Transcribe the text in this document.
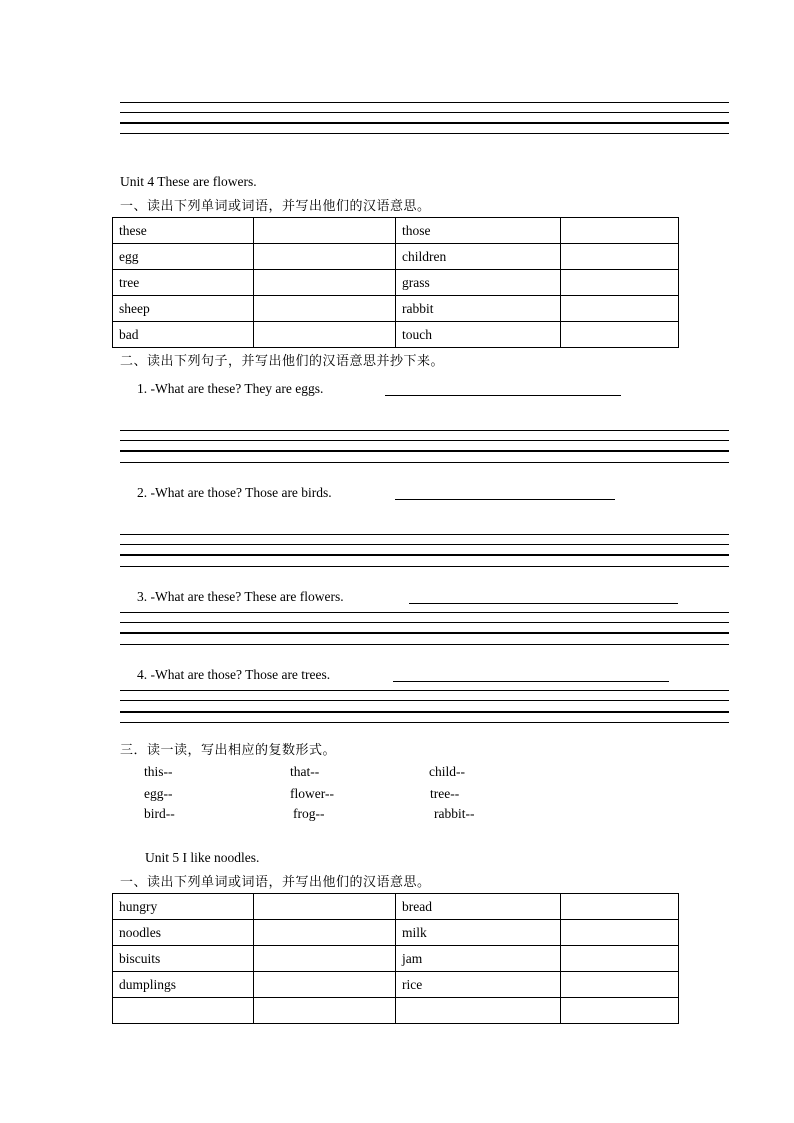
Unit 4 These are flowers.
一、读出下列单词或词语，并写出他们的汉语意思。
these		those	
egg		children	
tree		grass	
sheep		rabbit	
bad		touch	
二、读出下列句子，并写出他们的汉语意思并抄下来。
1. -What are these? They are eggs.
2. -What are those? Those are birds.
3. -What are these? These are flowers.
4. -What are those? Those are trees.
三．读一读，写出相应的复数形式。
this--	that--	child--
egg--	flower--	tree--
bird--	frog--	rabbit--
Unit 5 I like noodles.
一、读出下列单词或词语，并写出他们的汉语意思。
hungry		bread	
noodles		milk	
biscuits		jam	
dumplings		rice	
